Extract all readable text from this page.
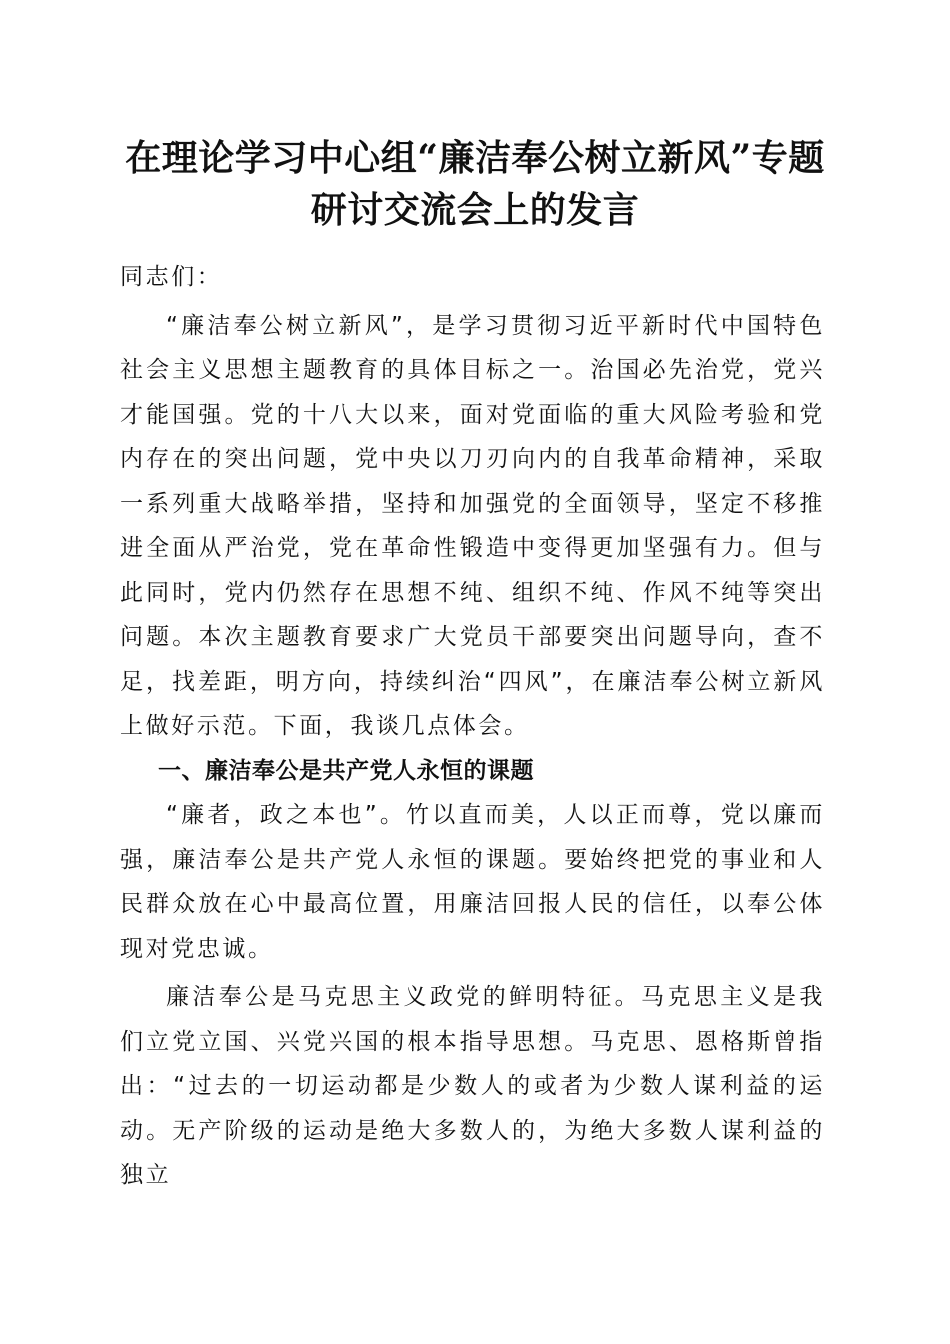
在理论学习中心组“廉洁奉公树立新风”专题
研讨交流会上的发言

同志们：

“廉洁奉公树立新风”，是学习贯彻习近平新时代中国特色社会主义思想主题教育的具体目标之一。治国必先治党，党兴才能国强。党的十八大以来，面对党面临的重大风险考验和党内存在的突出问题，党中央以刀刃向内的自我革命精神，采取一系列重大战略举措，坚持和加强党的全面领导，坚定不移推进全面从严治党，党在革命性锻造中变得更加坚强有力。但与此同时，党内仍然存在思想不纯、组织不纯、作风不纯等突出问题。本次主题教育要求广大党员干部要突出问题导向，查不足，找差距，明方向，持续纠治“四风”，在廉洁奉公树立新风上做好示范。下面，我谈几点体会。

一、廉洁奉公是共产党人永恒的课题

“廉者，政之本也”。竹以直而美，人以正而尊，党以廉而强，廉洁奉公是共产党人永恒的课题。要始终把党的事业和人民群众放在心中最高位置，用廉洁回报人民的信任，以奉公体现对党忠诚。

廉洁奉公是马克思主义政党的鲜明特征。马克思主义是我们立党立国、兴党兴国的根本指导思想。马克思、恩格斯曾指出：“过去的一切运动都是少数人的或者为少数人谋利益的运动。无产阶级的运动是绝大多数人的，为绝大多数人谋利益的独立
